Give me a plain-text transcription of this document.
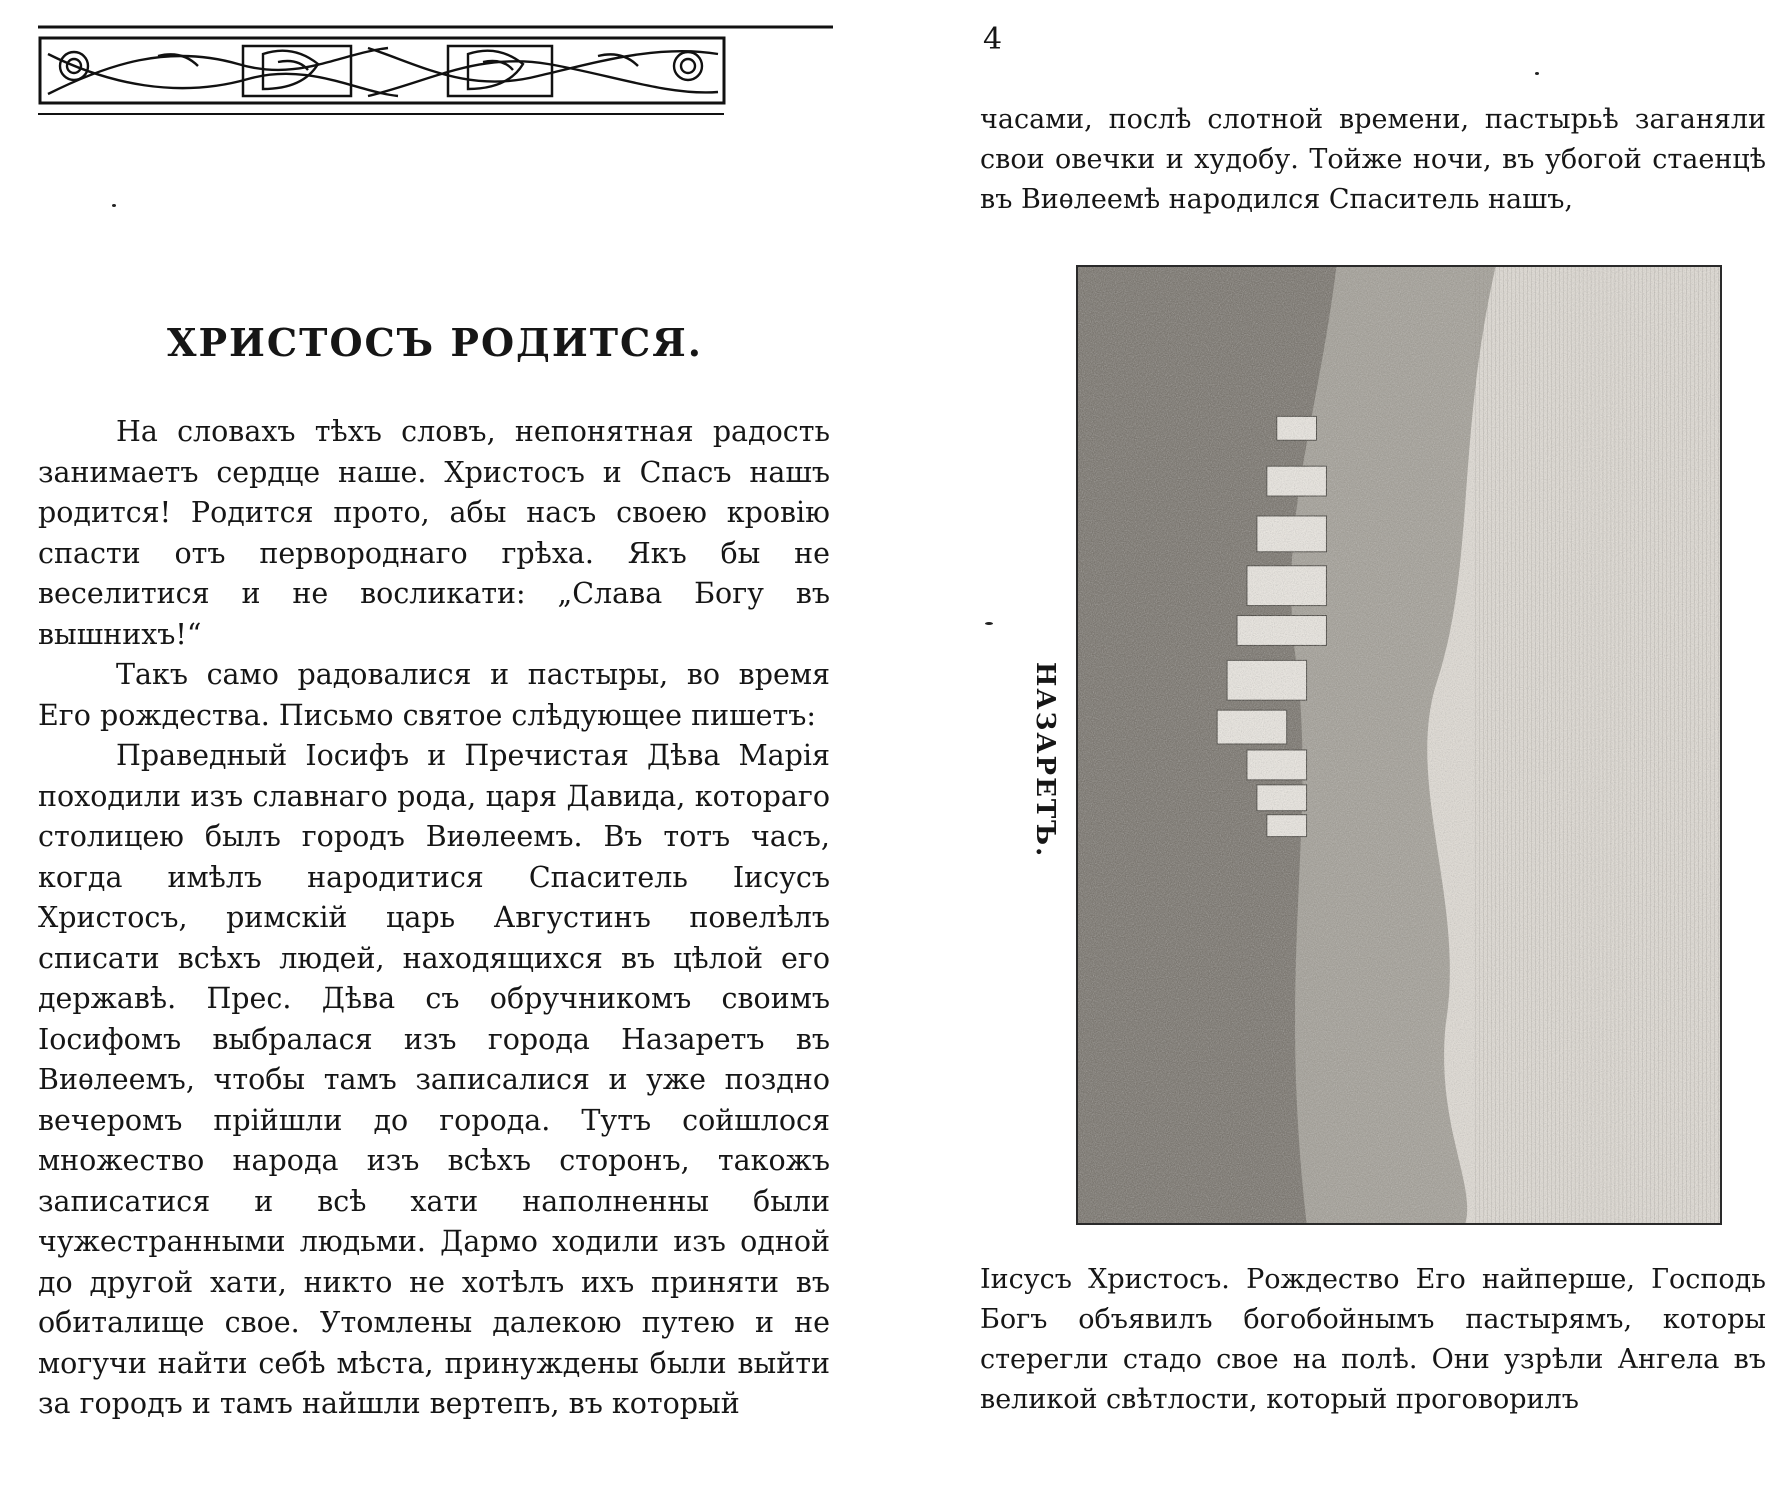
ХРИСТОСЪ РОДИТСЯ.

На словахъ тѣхъ словъ, непонятная радость занимаетъ сердце наше. Христосъ и Спасъ нашъ родится! Родится прото, абы насъ своею кровію спасти отъ первороднаго грѣха. Якъ бы не веселитися и не восликати: „Слава Богу въ вышнихъ!“

Такъ само радовалися и пастыры, во время Его рождества. Письмо святое слѣдующее пишетъ:

Праведный Іосифъ и Пречистая Дѣва Марія походили изъ славнаго рода, царя Давида, котораго столицею былъ городъ Виѳлеемъ. Въ тотъ часъ, когда имѣлъ народитися Спаситель Іисусъ Христосъ, римскій царь Августинъ повелѣлъ списати всѣхъ людей, находящихся въ цѣлой его державѣ. Прес. Дѣва съ обручникомъ своимъ Іосифомъ выбралася изъ города Назаретъ въ Виѳлеемъ, чтобы тамъ записалися и уже поздно вечеромъ прійшли до города. Тутъ сойшлося множество народа изъ всѣхъ сторонъ, такожъ записатися и всѣ хати наполненны были чужестранными людьми. Дармо ходили изъ одной до другой хати, никто не хотѣлъ ихъ приняти въ обиталище свое. Утомлены далекою путею и не могучи найти себѣ мѣста, принуждены были выйти за городъ и тамъ найшли вертепъ, въ который

4

часами, послѣ слотной времени, пастырьѣ заганяли свои овечки и худобу. Тойже ночи, въ убогой стаенцѣ въ Виѳлеемѣ народился Спаситель нашъ,

НАЗАРЕТЪ.

Іисусъ Христосъ. Рождество Его найперше, Господь Богъ объявилъ богобойнымъ пастырямъ, которы стерегли стадо свое на полѣ. Они узрѣли Ангела въ великой свѣтлости, который проговорилъ
